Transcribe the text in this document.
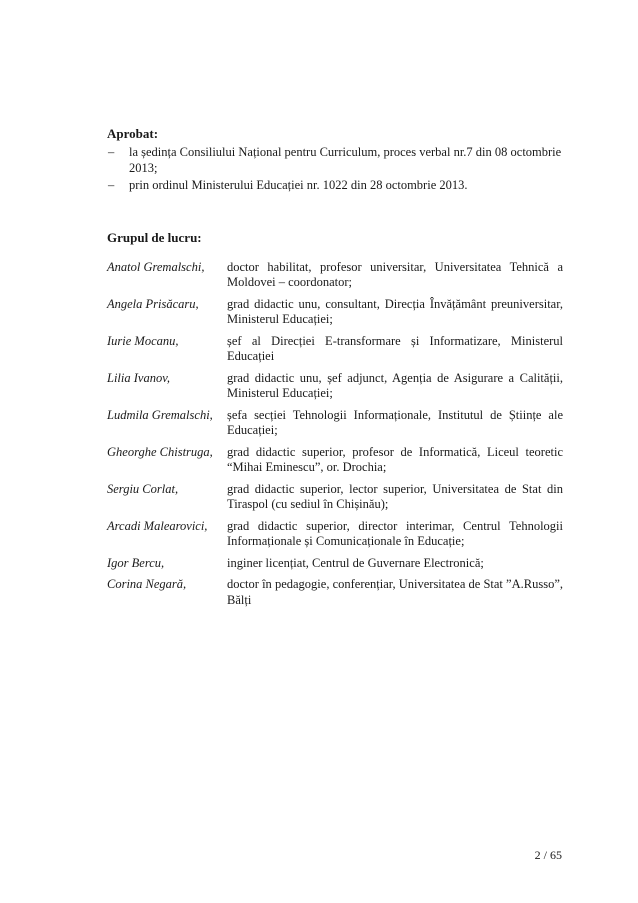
Aprobat:

– la ședința Consiliului Național pentru Curriculum, proces verbal nr.7 din 08 octombrie 2013;
– prin ordinul Ministerului Educației nr. 1022 din 28 octombrie 2013.

Grupul de lucru:

Anatol Gremalschi,	doctor habilitat, profesor universitar, Universitatea Tehnică a Moldovei – coordonator;
Angela Prisăcaru,	grad didactic unu, consultant, Direcția Învățământ preuniversitar, Ministerul Educației;
Iurie Mocanu,	șef al Direcției E-transformare și Informatizare, Ministerul Educației
Lilia Ivanov,	grad didactic unu, șef adjunct, Agenția de Asigurare a Calității, Ministerul Educației;
Ludmila Gremalschi,	șefa secției Tehnologii Informaționale, Institutul de Științe ale Educației;
Gheorghe Chistruga,	grad didactic superior, profesor de Informatică, Liceul teoretic “Mihai Eminescu”, or. Drochia;
Sergiu Corlat,	grad didactic superior, lector superior, Universitatea de Stat din Tiraspol (cu sediul în Chișinău);
Arcadi Malearovici,	grad didactic superior, director interimar, Centrul Tehnologii Informaționale și Comunicaționale în Educație;
Igor Bercu,	inginer licențiat, Centrul de Guvernare Electronică;
Corina Negară,	doctor în pedagogie, conferențiar, Universitatea de Stat ”A.Russo”, Bălți
2 / 65
